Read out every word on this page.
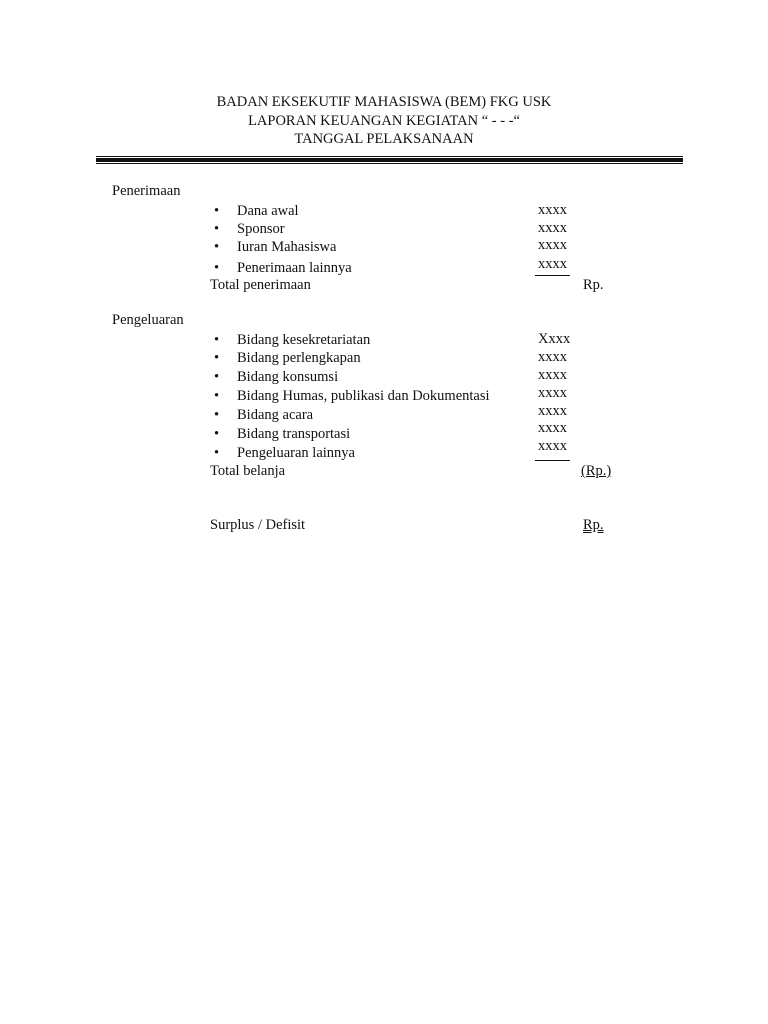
BADAN EKSEKUTIF MAHASISWA (BEM) FKG USK
LAPORAN KEUANGAN KEGIATAN “ - - -“
TANGGAL PELAKSANAAN
Penerimaan
• Dana awal	xxxx
• Sponsor	xxxx
• Iuran Mahasiswa	xxxx
• Penerimaan lainnya	xxxx
Total penerimaan	Rp.
Pengeluaran
• Bidang kesekretariatan	Xxxx
• Bidang perlengkapan	xxxx
• Bidang konsumsi	xxxx
• Bidang Humas, publikasi dan Dokumentasi	xxxx
• Bidang acara	xxxx
• Bidang transportasi	xxxx
• Pengeluaran lainnya	xxxx
Total belanja	(Rp.)
Surplus / Defisit	Rp.
